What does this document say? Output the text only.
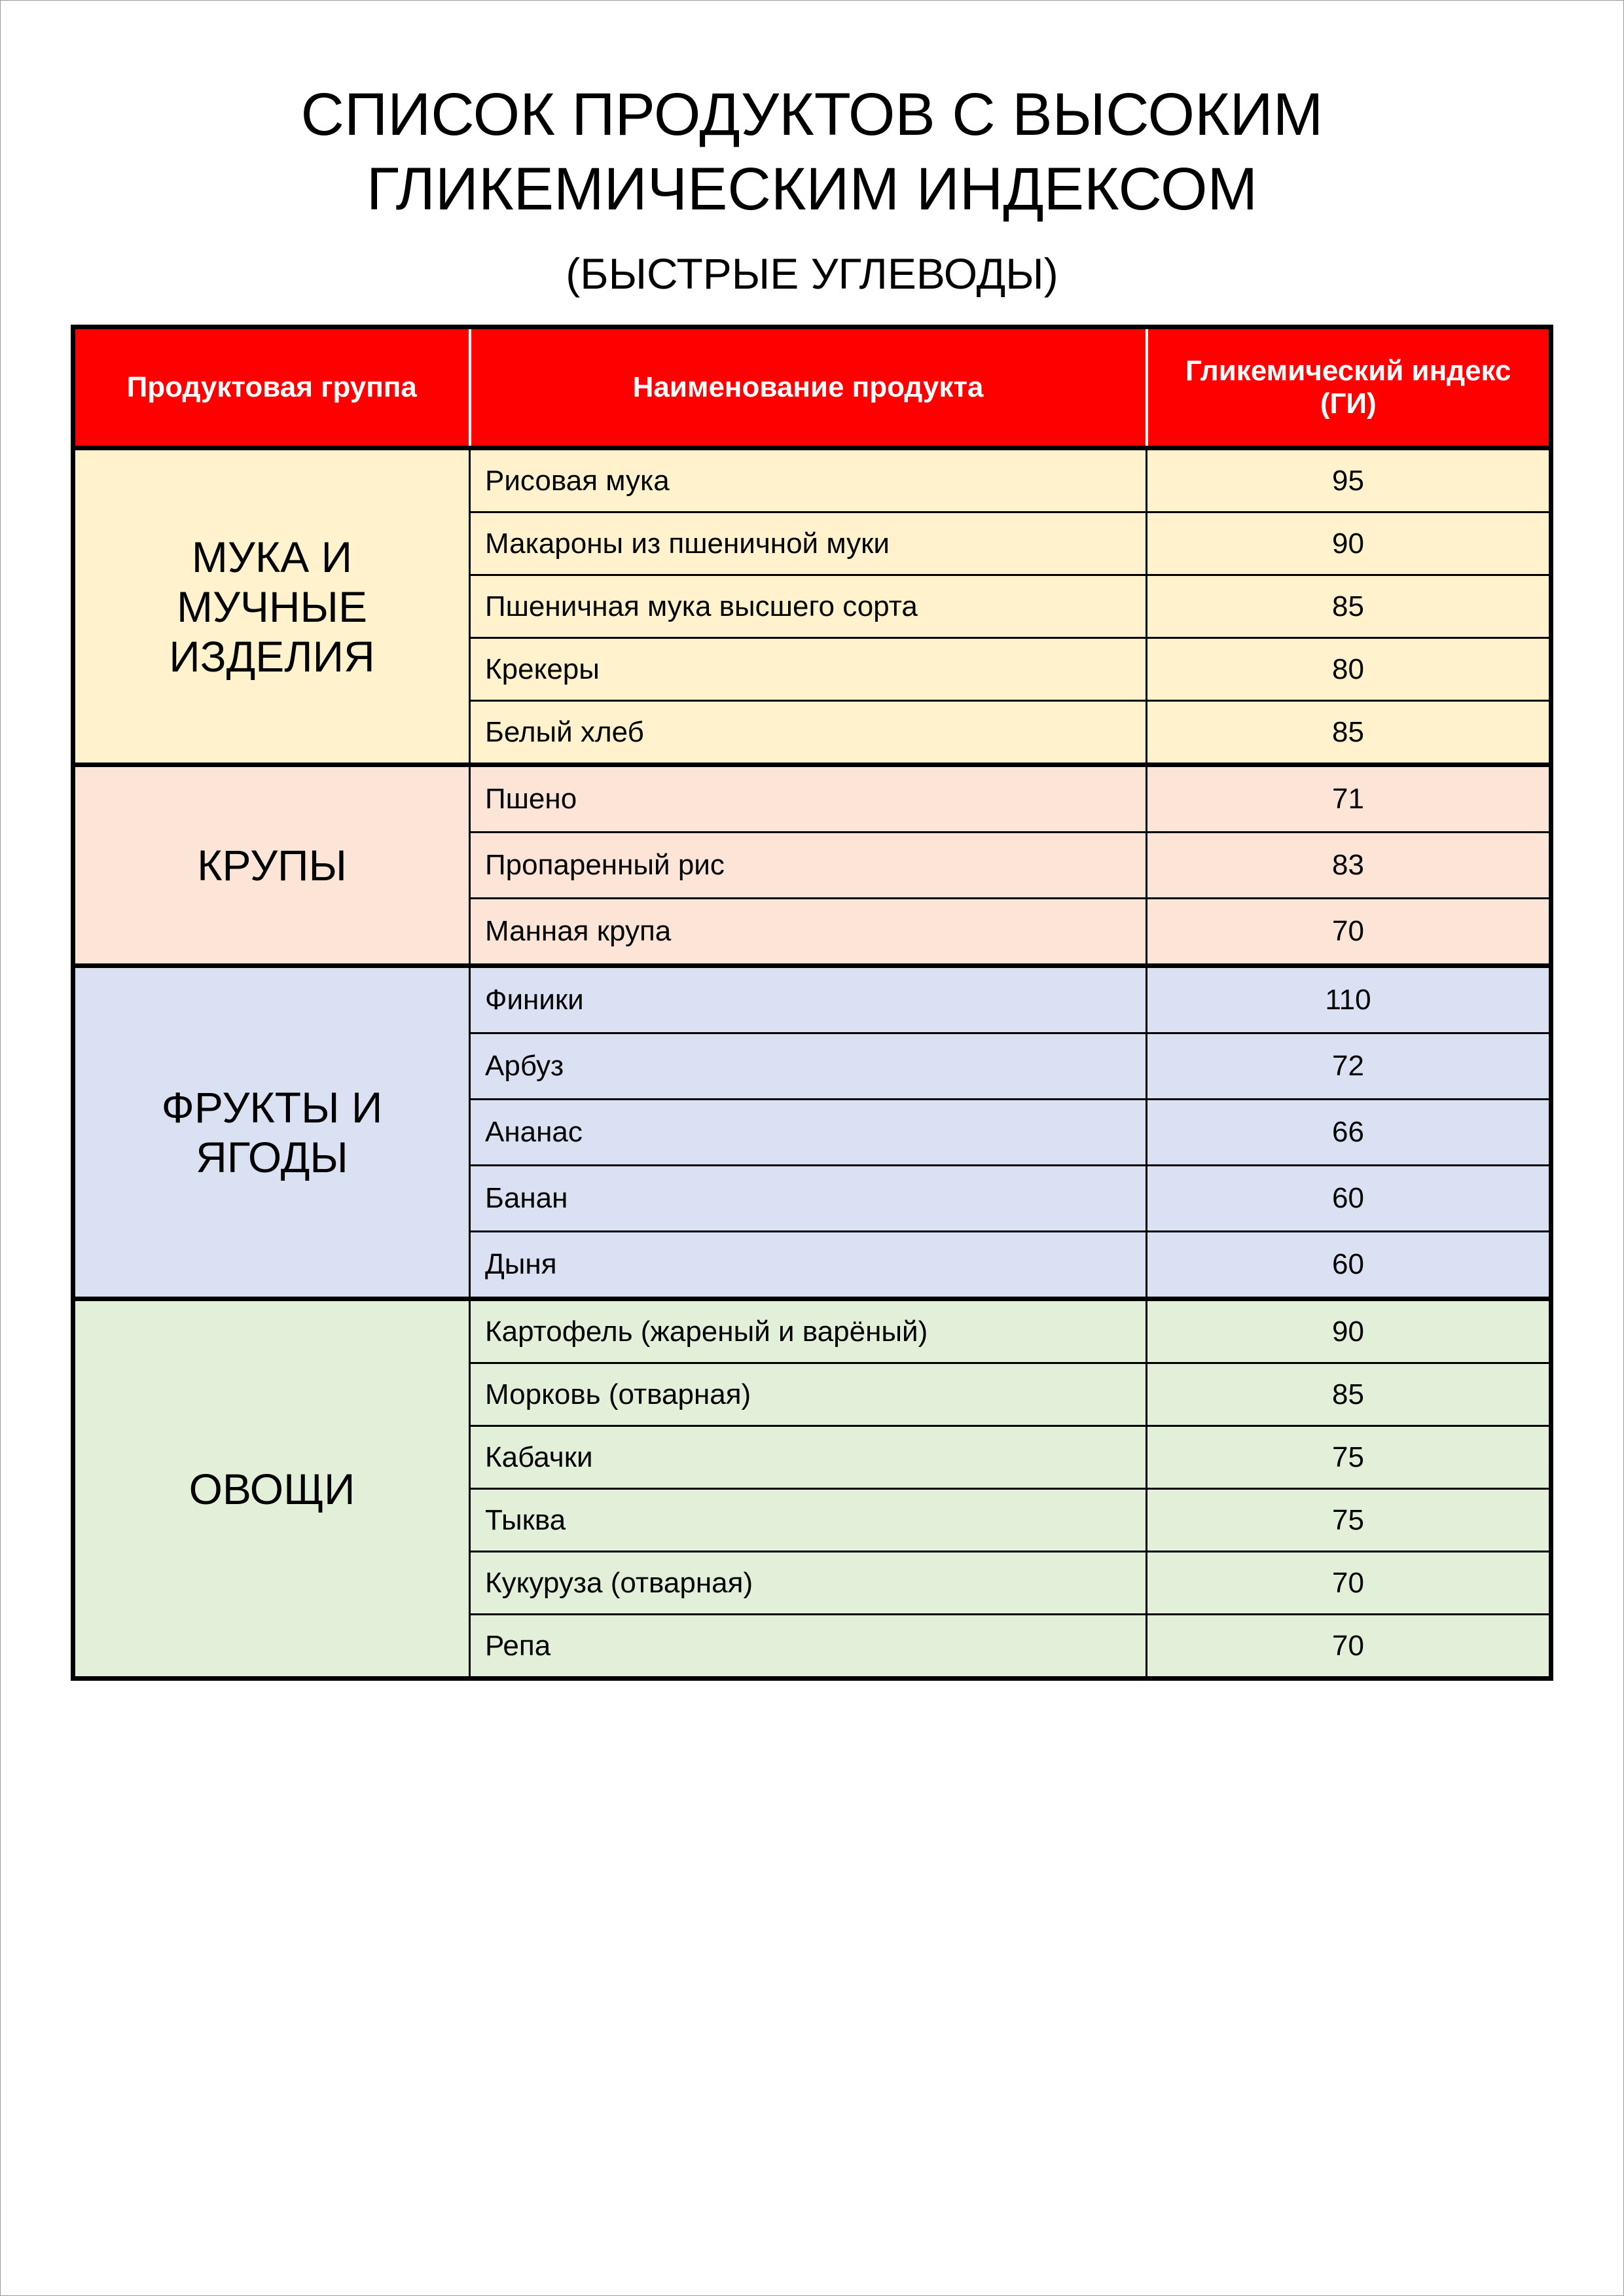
СПИСОК ПРОДУКТОВ С ВЫСОКИМ
ГЛИКЕМИЧЕСКИМ ИНДЕКСОМ
(БЫСТРЫЕ УГЛЕВОДЫ)
Продуктовая группа	Наименование продукта	Гликемический индекс
(ГИ)
МУКА И
МУЧНЫЕ
ИЗДЕЛИЯ	Рисовая мука	95
	Макароны из пшеничной муки	90
	Пшеничная мука высшего сорта	85
	Крекеры	80
	Белый хлеб	85
КРУПЫ	Пшено	71
	Пропаренный рис	83
	Манная крупа	70
ФРУКТЫ И
ЯГОДЫ	Финики	110
	Арбуз	72
	Ананас	66
	Банан	60
	Дыня	60
ОВОЩИ	Картофель (жареный и варёный)	90
	Морковь (отварная)	85
	Кабачки	75
	Тыква	75
	Кукуруза (отварная)	70
	Репа	70
